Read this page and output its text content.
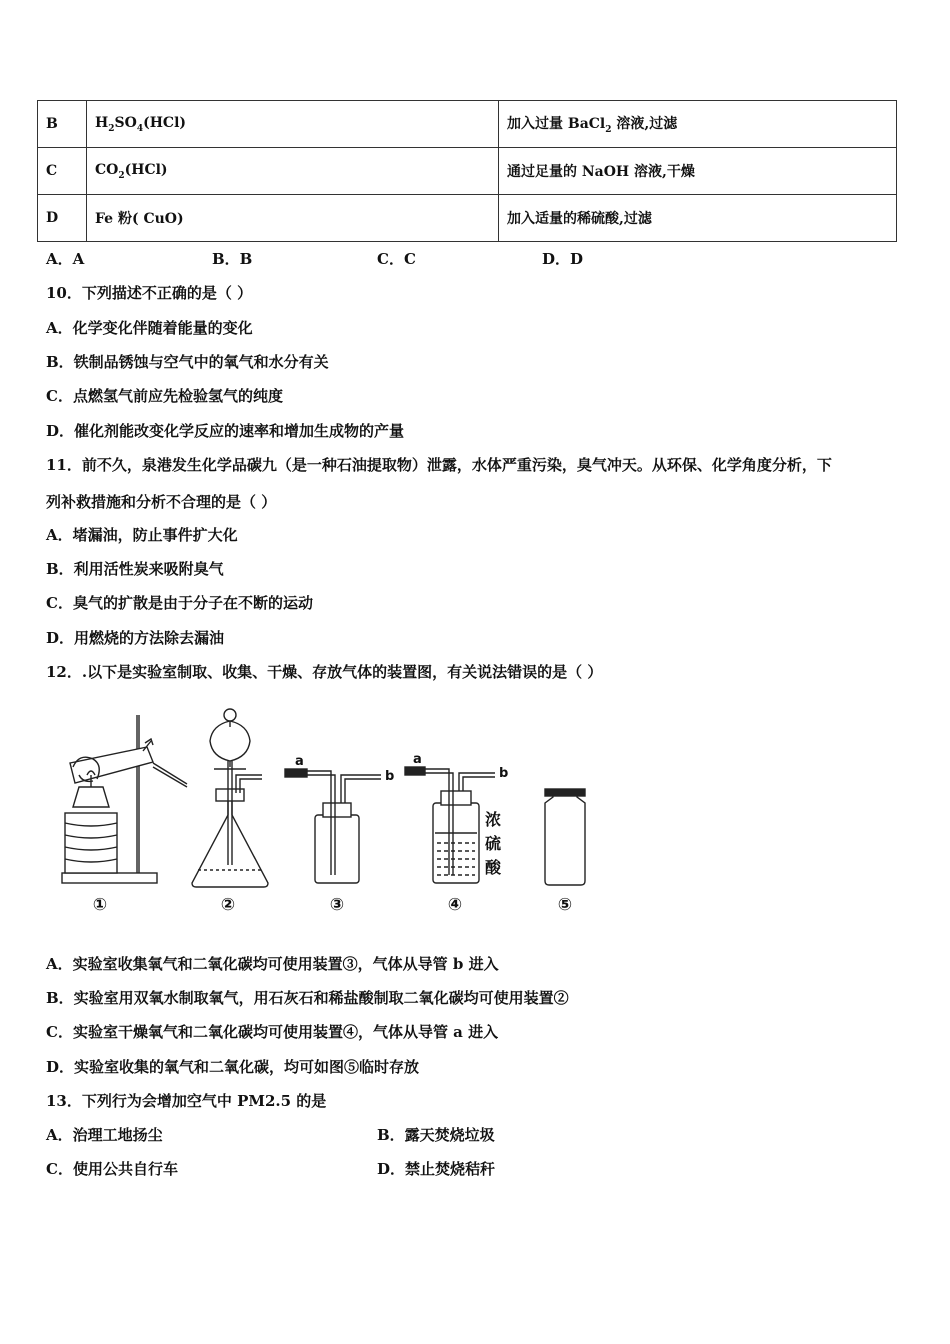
B	$H_2SO_4(HCl)$	加入过量 BaCl$_2$ 溶液,过滤
C	$CO_2(HCl)$	通过足量的 NaOH 溶液,干燥
D	Fe 粉( CuO)	加入适量的稀硫酸,过滤
A．A	B．B	C．C	D．D
10．下列描述不正确的是（ ）
A．化学变化伴随着能量的变化
B．铁制品锈蚀与空气中的氧气和水分有关
C．点燃氢气前应先检验氢气的纯度
D．催化剂能改变化学反应的速率和增加生成物的产量
11．前不久，泉港发生化学品碳九（是一种石油提取物）泄露，水体严重污染，臭气冲天。从环保、化学角度分析，下
列补救措施和分析不合理的是（ ）
A．堵漏油，防止事件扩大化
B．利用活性炭来吸附臭气
C．臭气的扩散是由于分子在不断的运动
D．用燃烧的方法除去漏油
12．.以下是实验室制取、收集、干燥、存放气体的装置图，有关说法错误的是（ ）
①	②
a
b
③
a
b
浓
硫
酸
④	⑤
A．实验室收集氧气和二氧化碳均可使用装置③，气体从导管 b 进入
B．实验室用双氧水制取氧气，用石灰石和稀盐酸制取二氧化碳均可使用装置②
C．实验室干燥氧气和二氧化碳均可使用装置④，气体从导管 a 进入
D．实验室收集的氧气和二氧化碳，均可如图⑤临时存放
13．下列行为会增加空气中 PM2.5 的是
A．治理工地扬尘	B．露天焚烧垃圾
C．使用公共自行车	D．禁止焚烧秸秆
